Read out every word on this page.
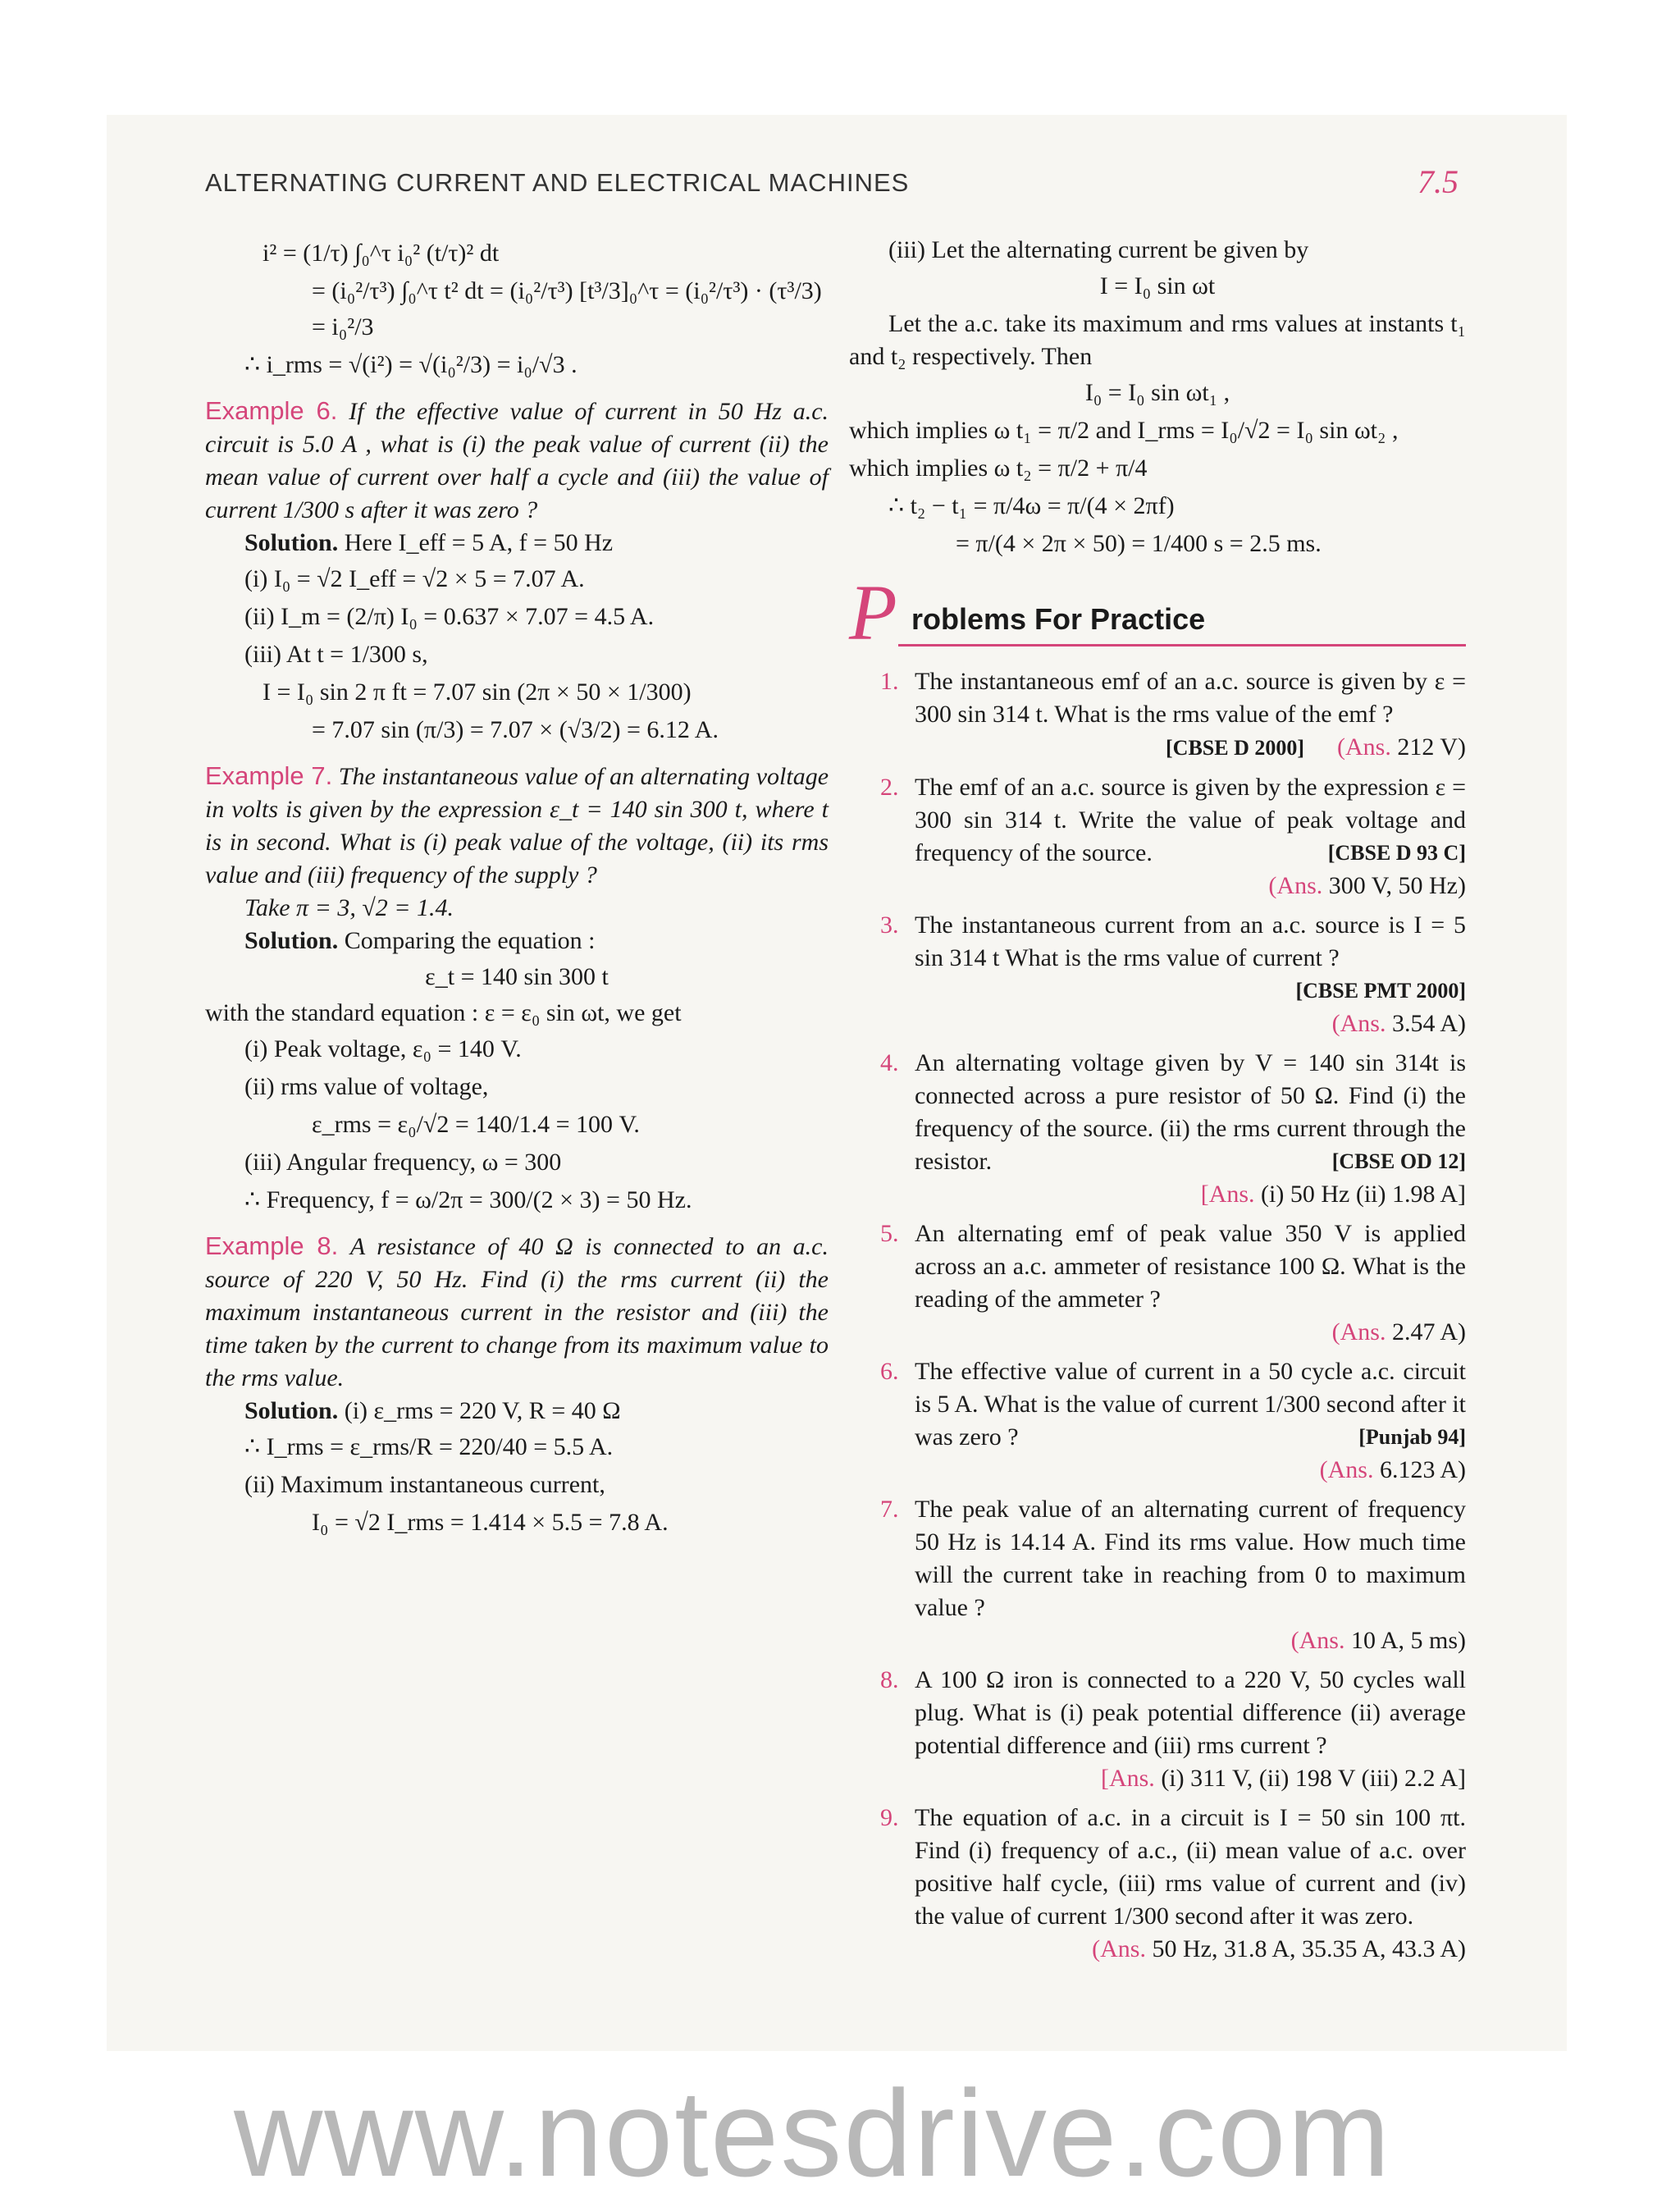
ALTERNATING CURRENT AND ELECTRICAL MACHINES	7.5
i² = (1/τ) ∫₀^τ i₀² (t/τ)² dt
= (i₀²/τ³) ∫₀^τ t² dt = (i₀²/τ³) [t³/3]₀^τ = (i₀²/τ³) · (τ³/3) = i₀²/3
∴ i_rms = √(i²) = √(i₀²/3) = i₀/√3 .
Example 6. If the effective value of current in 50 Hz a.c. circuit is 5.0 A , what is (i) the peak value of current (ii) the mean value of current over half a cycle and (iii) the value of current 1/300 s after it was zero ?
Solution. Here I_eff = 5 A, f = 50 Hz
(i) I₀ = √2 I_eff = √2 × 5 = 7.07 A.
(ii) I_m = (2/π) I₀ = 0.637 × 7.07 = 4.5 A.
(iii) At t = 1/300 s,
I = I₀ sin 2 π ft = 7.07 sin (2π × 50 × 1/300)
= 7.07 sin (π/3) = 7.07 × (√3/2) = 6.12 A.
Example 7. The instantaneous value of an alternating voltage in volts is given by the expression ε_t = 140 sin 300 t, where t is in second. What is (i) peak value of the voltage, (ii) its rms value and (iii) frequency of the supply ?
Take π = 3, √2 = 1.4.
Solution. Comparing the equation :
ε_t = 140 sin 300 t
with the standard equation : ε = ε₀ sin ωt, we get
(i) Peak voltage, ε₀ = 140 V.
(ii) rms value of voltage,
ε_rms = ε₀/√2 = 140/1.4 = 100 V.
(iii) Angular frequency, ω = 300
∴ Frequency, f = ω/2π = 300/(2 × 3) = 50 Hz.
Example 8. A resistance of 40 Ω is connected to an a.c. source of 220 V, 50 Hz. Find (i) the rms current (ii) the maximum instantaneous current in the resistor and (iii) the time taken by the current to change from its maximum value to the rms value.
Solution. (i) ε_rms = 220 V, R = 40 Ω
∴ I_rms = ε_rms/R = 220/40 = 5.5 A.
(ii) Maximum instantaneous current,
I₀ = √2 I_rms = 1.414 × 5.5 = 7.8 A.
(iii) Let the alternating current be given by
I = I₀ sin ωt
Let the a.c. take its maximum and rms values at instants t₁ and t₂ respectively. Then
I₀ = I₀ sin ωt₁ ,
which implies ω t₁ = π/2 and I_rms = I₀/√2 = I₀ sin ωt₂ ,
which implies ω t₂ = π/2 + π/4
∴ t₂ − t₁ = π/4ω = π/(4 × 2πf)
= π/(4 × 2π × 50) = 1/400 s = 2.5 ms.
P roblems For Practice
1. The instantaneous emf of an a.c. source is given by ε = 300 sin 314 t. What is the rms value of the emf ?
[CBSE D 2000] (Ans. 212 V)
2. The emf of an a.c. source is given by the expression ε = 300 sin 314 t. Write the value of peak voltage and frequency of the source.	[CBSE D 93 C]
(Ans. 300 V, 50 Hz)
3. The instantaneous current from an a.c. source is I = 5 sin 314 t What is the rms value of current ?
[CBSE PMT 2000]
(Ans. 3.54 A)
4. An alternating voltage given by V = 140 sin 314t is connected across a pure resistor of 50 Ω. Find (i) the frequency of the source. (ii) the rms current through the resistor.	[CBSE OD 12]
[Ans. (i) 50 Hz (ii) 1.98 A]
5. An alternating emf of peak value 350 V is applied across an a.c. ammeter of resistance 100 Ω. What is the reading of the ammeter ?
(Ans. 2.47 A)
6. The effective value of current in a 50 cycle a.c. circuit is 5 A. What is the value of current 1/300 second after it was zero ?	[Punjab 94]
(Ans. 6.123 A)
7. The peak value of an alternating current of frequency 50 Hz is 14.14 A. Find its rms value. How much time will the current take in reaching from 0 to maximum value ?
(Ans. 10 A, 5 ms)
8. A 100 Ω iron is connected to a 220 V, 50 cycles wall plug. What is (i) peak potential difference (ii) average potential difference and (iii) rms current ?
[Ans. (i) 311 V, (ii) 198 V (iii) 2.2 A]
9. The equation of a.c. in a circuit is I = 50 sin 100 πt. Find (i) frequency of a.c., (ii) mean value of a.c. over positive half cycle, (iii) rms value of current and (iv) the value of current 1/300 second after it was zero.
(Ans. 50 Hz, 31.8 A, 35.35 A, 43.3 A)
www.notesdrive.com
